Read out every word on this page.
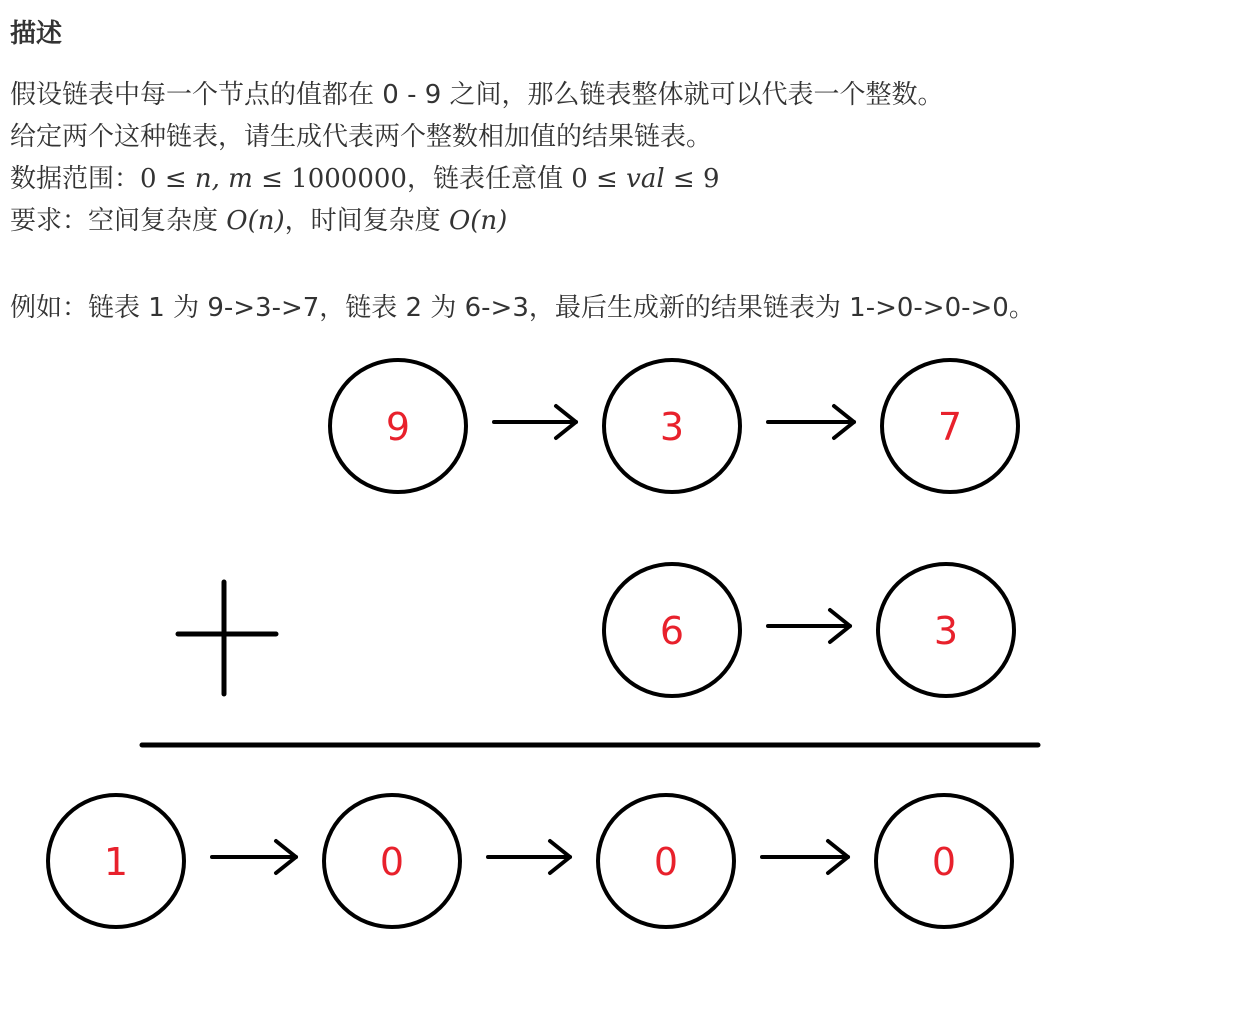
描述
假设链表中每一个节点的值都在 0 - 9 之间，那么链表整体就可以代表一个整数。
给定两个这种链表，请生成代表两个整数相加值的结果链表。
数据范围：0 ≤ n, m ≤ 1000000，链表任意值 0 ≤ val ≤ 9
要求：空间复杂度 O(n)，时间复杂度 O(n)
例如：链表 1 为 9->3->7，链表 2 为 6->3，最后生成新的结果链表为 1->0->0->0。
9	3	7
6	3
1	0	0	0
